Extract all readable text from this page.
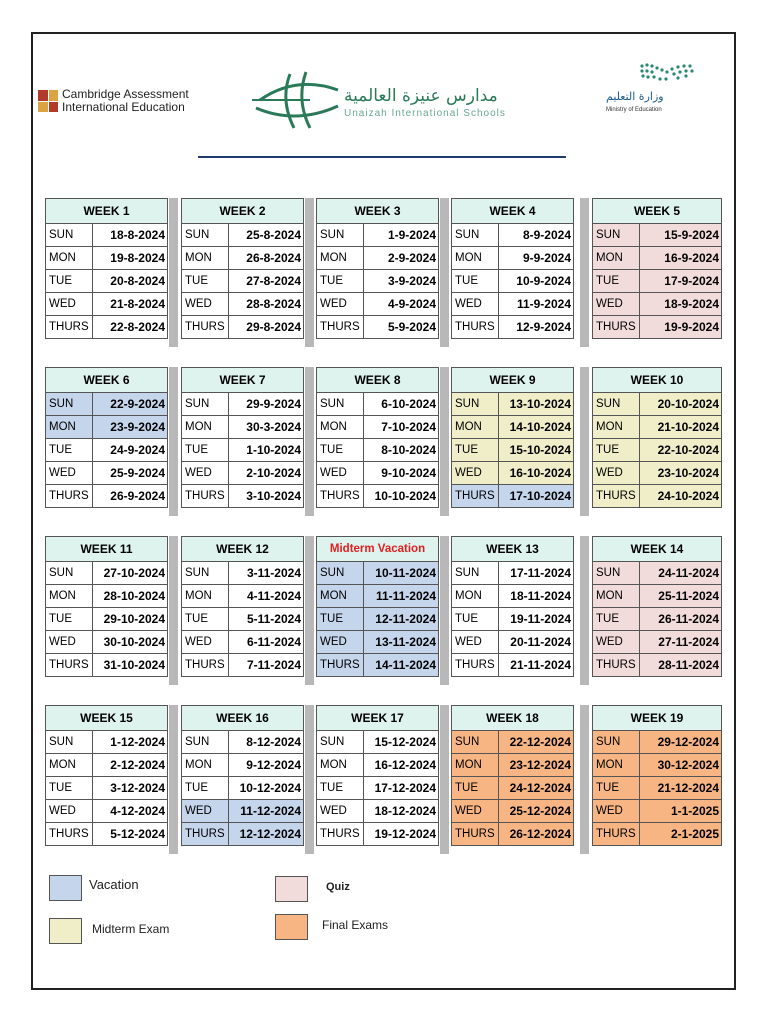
Cambridge Assessment
International Education
مدارس عنيزة العالمية
Unaizah International Schools
وزارة التعليم
Ministry of Education
WEEK 1	
SUN	18-8-2024
MON	19-8-2024
TUE	20-8-2024
WED	21-8-2024
THURS	22-8-2024
WEEK 2	
SUN	25-8-2024
MON	26-8-2024
TUE	27-8-2024
WED	28-8-2024
THURS	29-8-2024
WEEK 3	
SUN	1-9-2024
MON	2-9-2024
TUE	3-9-2024
WED	4-9-2024
THURS	5-9-2024
WEEK 4	
SUN	8-9-2024
MON	9-9-2024
TUE	10-9-2024
WED	11-9-2024
THURS	12-9-2024
WEEK 5	
SUN	15-9-2024
MON	16-9-2024
TUE	17-9-2024
WED	18-9-2024
THURS	19-9-2024
WEEK 6	
SUN	22-9-2024
MON	23-9-2024
TUE	24-9-2024
WED	25-9-2024
THURS	26-9-2024
WEEK 7	
SUN	29-9-2024
MON	30-3-2024
TUE	1-10-2024
WED	2-10-2024
THURS	3-10-2024
WEEK 8	
SUN	6-10-2024
MON	7-10-2024
TUE	8-10-2024
WED	9-10-2024
THURS	10-10-2024
WEEK 9	
SUN	13-10-2024
MON	14-10-2024
TUE	15-10-2024
WED	16-10-2024
THURS	17-10-2024
WEEK 10	
SUN	20-10-2024
MON	21-10-2024
TUE	22-10-2024
WED	23-10-2024
THURS	24-10-2024
WEEK 11	
SUN	27-10-2024
MON	28-10-2024
TUE	29-10-2024
WED	30-10-2024
THURS	31-10-2024
WEEK 12	
SUN	3-11-2024
MON	4-11-2024
TUE	5-11-2024
WED	6-11-2024
THURS	7-11-2024
Midterm Vacation	
SUN	10-11-2024
MON	11-11-2024
TUE	12-11-2024
WED	13-11-2024
THURS	14-11-2024
WEEK 13	
SUN	17-11-2024
MON	18-11-2024
TUE	19-11-2024
WED	20-11-2024
THURS	21-11-2024
WEEK 14	
SUN	24-11-2024
MON	25-11-2024
TUE	26-11-2024
WED	27-11-2024
THURS	28-11-2024
WEEK 15	
SUN	1-12-2024
MON	2-12-2024
TUE	3-12-2024
WED	4-12-2024
THURS	5-12-2024
WEEK 16	
SUN	8-12-2024
MON	9-12-2024
TUE	10-12-2024
WED	11-12-2024
THURS	12-12-2024
WEEK 17	
SUN	15-12-2024
MON	16-12-2024
TUE	17-12-2024
WED	18-12-2024
THURS	19-12-2024
WEEK 18	
SUN	22-12-2024
MON	23-12-2024
TUE	24-12-2024
WED	25-12-2024
THURS	26-12-2024
WEEK 19	
SUN	29-12-2024
MON	30-12-2024
TUE	21-12-2024
WED	1-1-2025
THURS	2-1-2025
Vacation
Midterm Exam
Quiz
Final Exams
